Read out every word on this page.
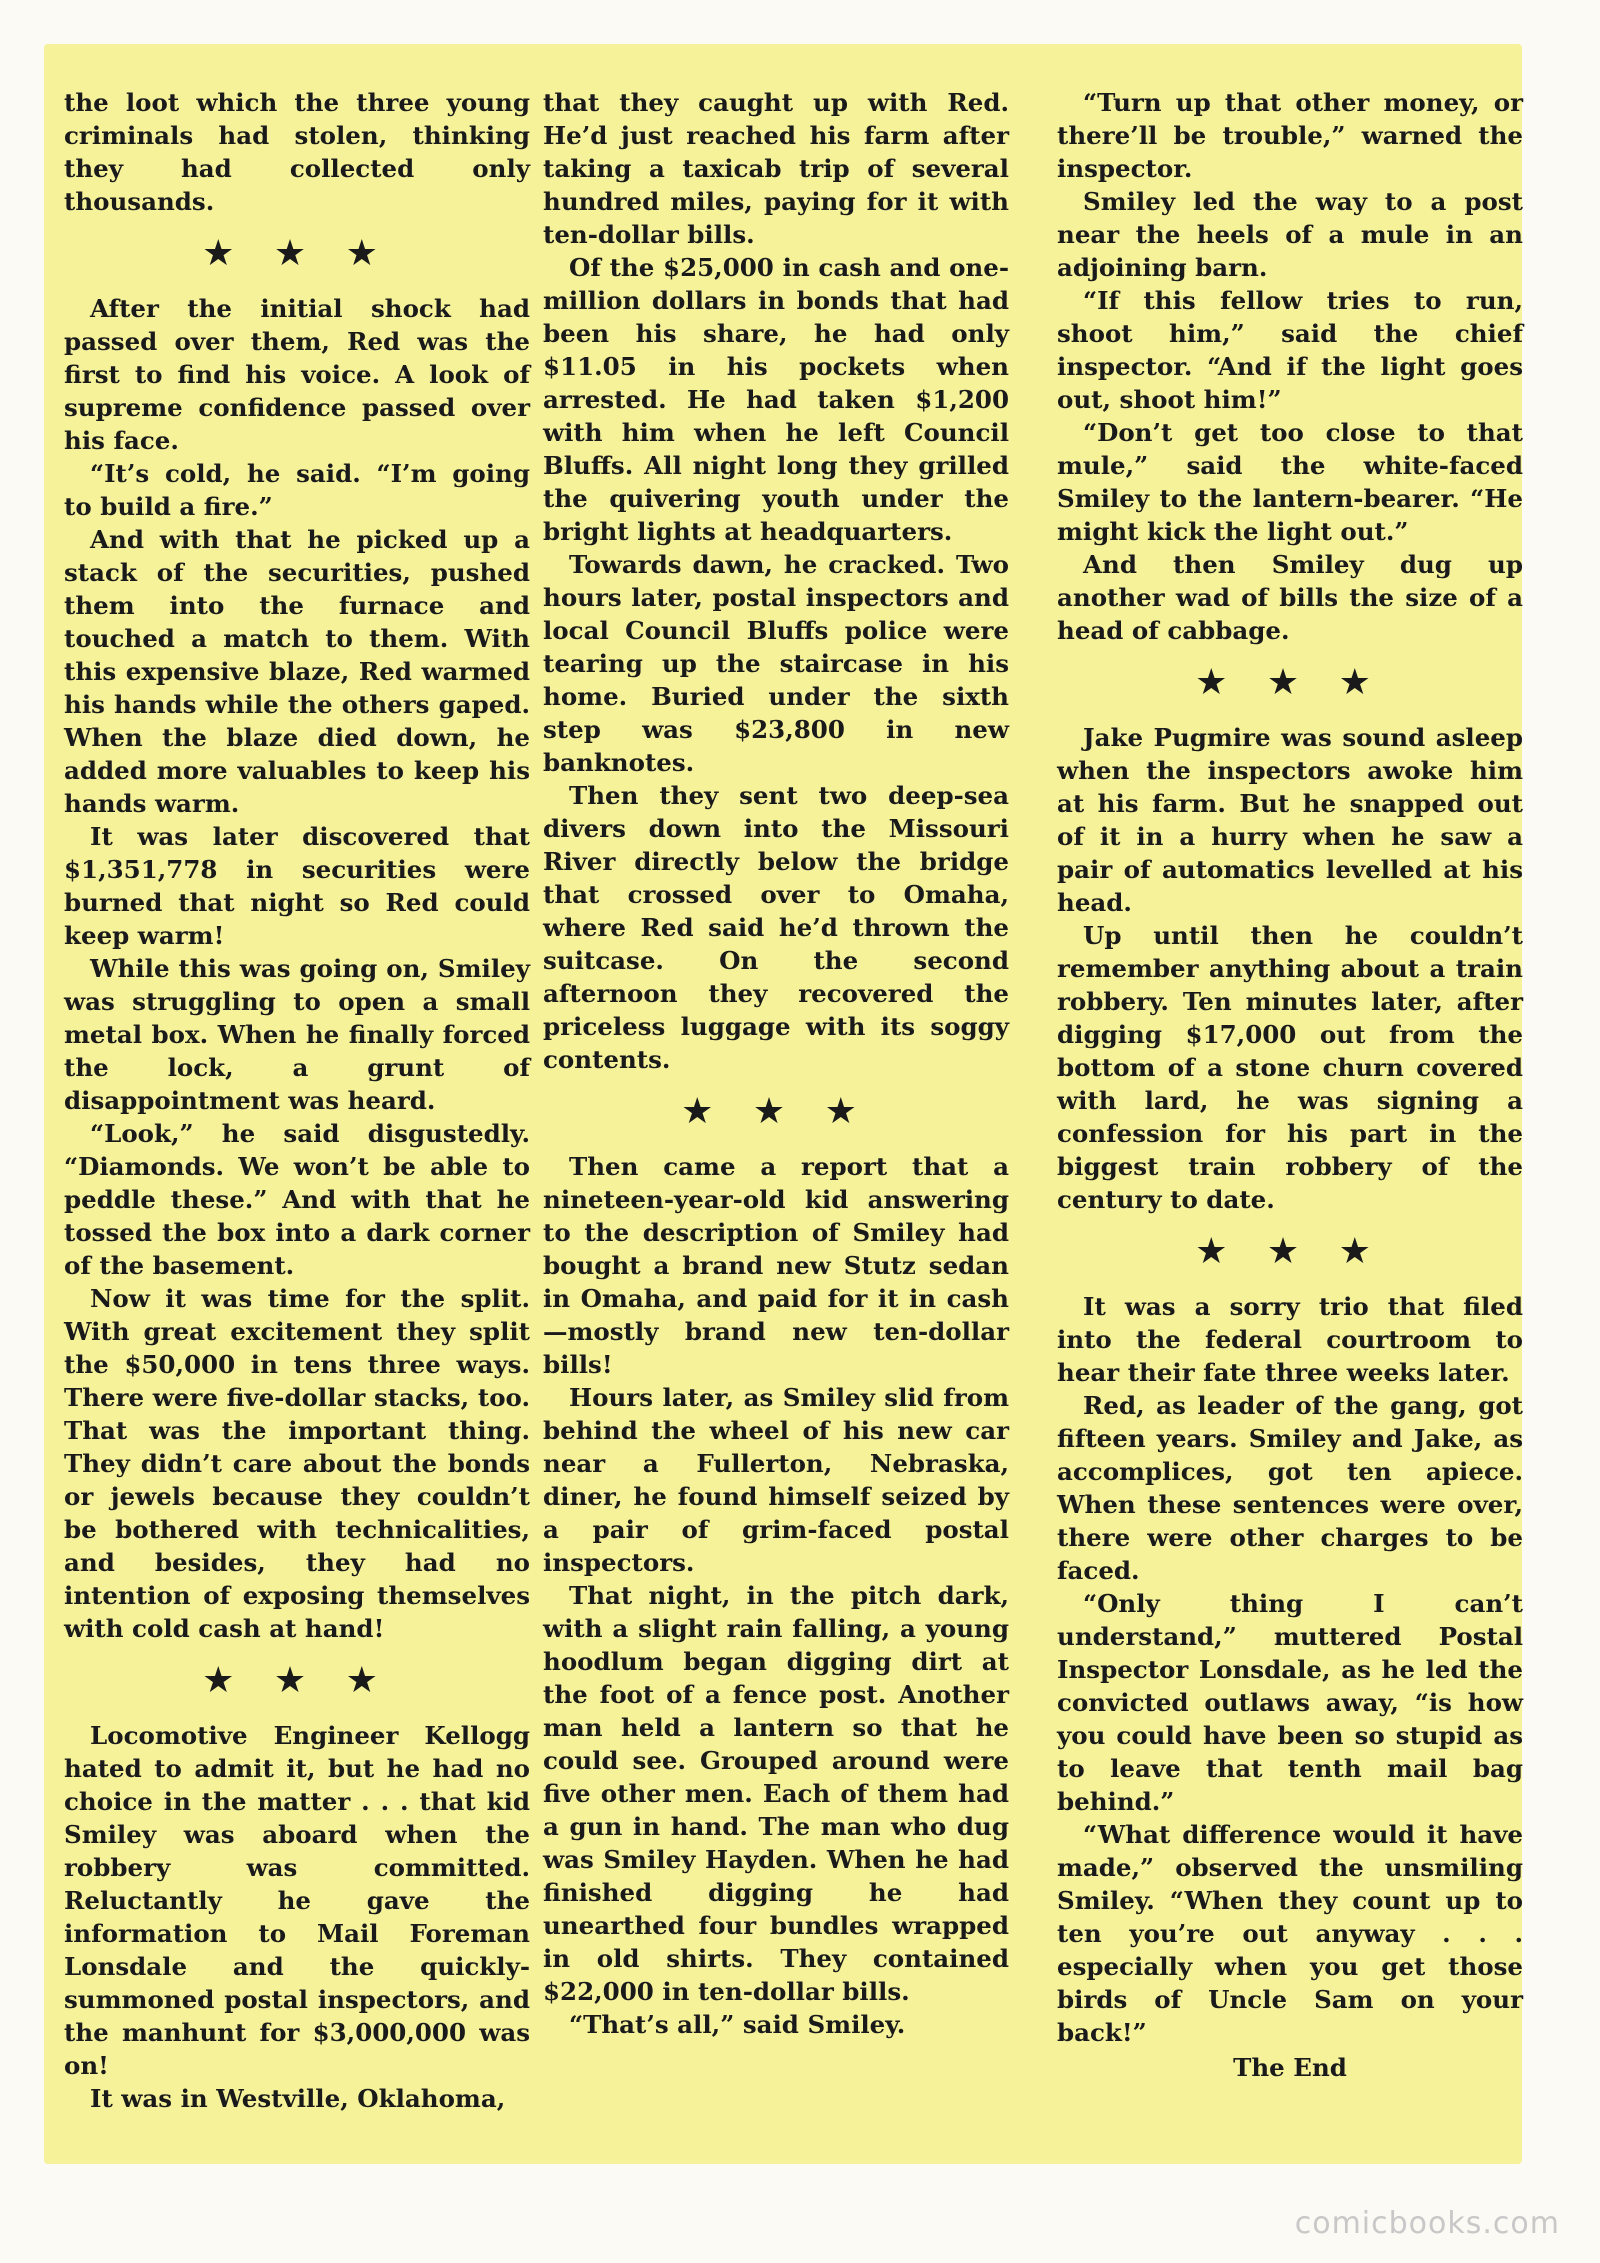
the loot which the three young criminals had stolen, thinking they had collected only thousands.

★ ★ ★

After the initial shock had passed over them, Red was the first to find his voice. A look of supreme confidence passed over his face.

“It’s cold, he said. “I’m going to build a fire.”

And with that he picked up a stack of the securities, pushed them into the furnace and touched a match to them. With this expensive blaze, Red warmed his hands while the others gaped. When the blaze died down, he added more valuables to keep his hands warm.

It was later discovered that $1,351,778 in securities were burned that night so Red could keep warm!

While this was going on, Smiley was struggling to open a small metal box. When he finally forced the lock, a grunt of disappointment was heard.

“Look,” he said disgustedly. “Diamonds. We won’t be able to peddle these.” And with that he tossed the box into a dark corner of the basement.

Now it was time for the split. With great excitement they split the $50,000 in tens three ways. There were five-dollar stacks, too. That was the important thing. They didn’t care about the bonds or jewels because they couldn’t be bothered with technicalities, and besides, they had no intention of exposing themselves with cold cash at hand!

★ ★ ★

Locomotive Engineer Kellogg hated to admit it, but he had no choice in the matter . . . that kid Smiley was aboard when the robbery was committed. Reluctantly he gave the information to Mail Foreman Lonsdale and the quickly-summoned postal inspectors, and the manhunt for $3,000,000 was on!

It was in Westville, Oklahoma,

that they caught up with Red. He’d just reached his farm after taking a taxicab trip of several hundred miles, paying for it with ten-dollar bills.

Of the $25,000 in cash and one-million dollars in bonds that had been his share, he had only $11.05 in his pockets when arrested. He had taken $1,200 with him when he left Council Bluffs. All night long they grilled the quivering youth under the bright lights at headquarters.

Towards dawn, he cracked. Two hours later, postal inspectors and local Council Bluffs police were tearing up the staircase in his home. Buried under the sixth step was $23,800 in new banknotes.

Then they sent two deep-sea divers down into the Missouri River directly below the bridge that crossed over to Omaha, where Red said he’d thrown the suitcase. On the second afternoon they recovered the priceless luggage with its soggy contents.

★ ★ ★

Then came a report that a nineteen-year-old kid answering to the description of Smiley had bought a brand new Stutz sedan in Omaha, and paid for it in cash—mostly brand new ten-dollar bills!

Hours later, as Smiley slid from behind the wheel of his new car near a Fullerton, Nebraska, diner, he found himself seized by a pair of grim-faced postal inspectors.

That night, in the pitch dark, with a slight rain falling, a young hoodlum began digging dirt at the foot of a fence post. Another man held a lantern so that he could see. Grouped around were five other men. Each of them had a gun in hand. The man who dug was Smiley Hayden. When he had finished digging he had unearthed four bundles wrapped in old shirts. They contained $22,000 in ten-dollar bills.

“That’s all,” said Smiley.

“Turn up that other money, or there’ll be trouble,” warned the inspector.

Smiley led the way to a post near the heels of a mule in an adjoining barn.

“If this fellow tries to run, shoot him,” said the chief inspector. “And if the light goes out, shoot him!”

“Don’t get too close to that mule,” said the white-faced Smiley to the lantern-bearer. “He might kick the light out.”

And then Smiley dug up another wad of bills the size of a head of cabbage.

★ ★ ★

Jake Pugmire was sound asleep when the inspectors awoke him at his farm. But he snapped out of it in a hurry when he saw a pair of automatics levelled at his head.

Up until then he couldn’t remember anything about a train robbery. Ten minutes later, after digging $17,000 out from the bottom of a stone churn covered with lard, he was signing a confession for his part in the biggest train robbery of the century to date.

★ ★ ★

It was a sorry trio that filed into the federal courtroom to hear their fate three weeks later.

Red, as leader of the gang, got fifteen years. Smiley and Jake, as accomplices, got ten apiece. When these sentences were over, there were other charges to be faced.

“Only thing I can’t understand,” muttered Postal Inspector Lonsdale, as he led the convicted outlaws away, “is how you could have been so stupid as to leave that tenth mail bag behind.”

“What difference would it have made,” observed the unsmiling Smiley. “When they count up to ten you’re out anyway . . . especially when you get those birds of Uncle Sam on your back!”

The End

comicbooks.com
